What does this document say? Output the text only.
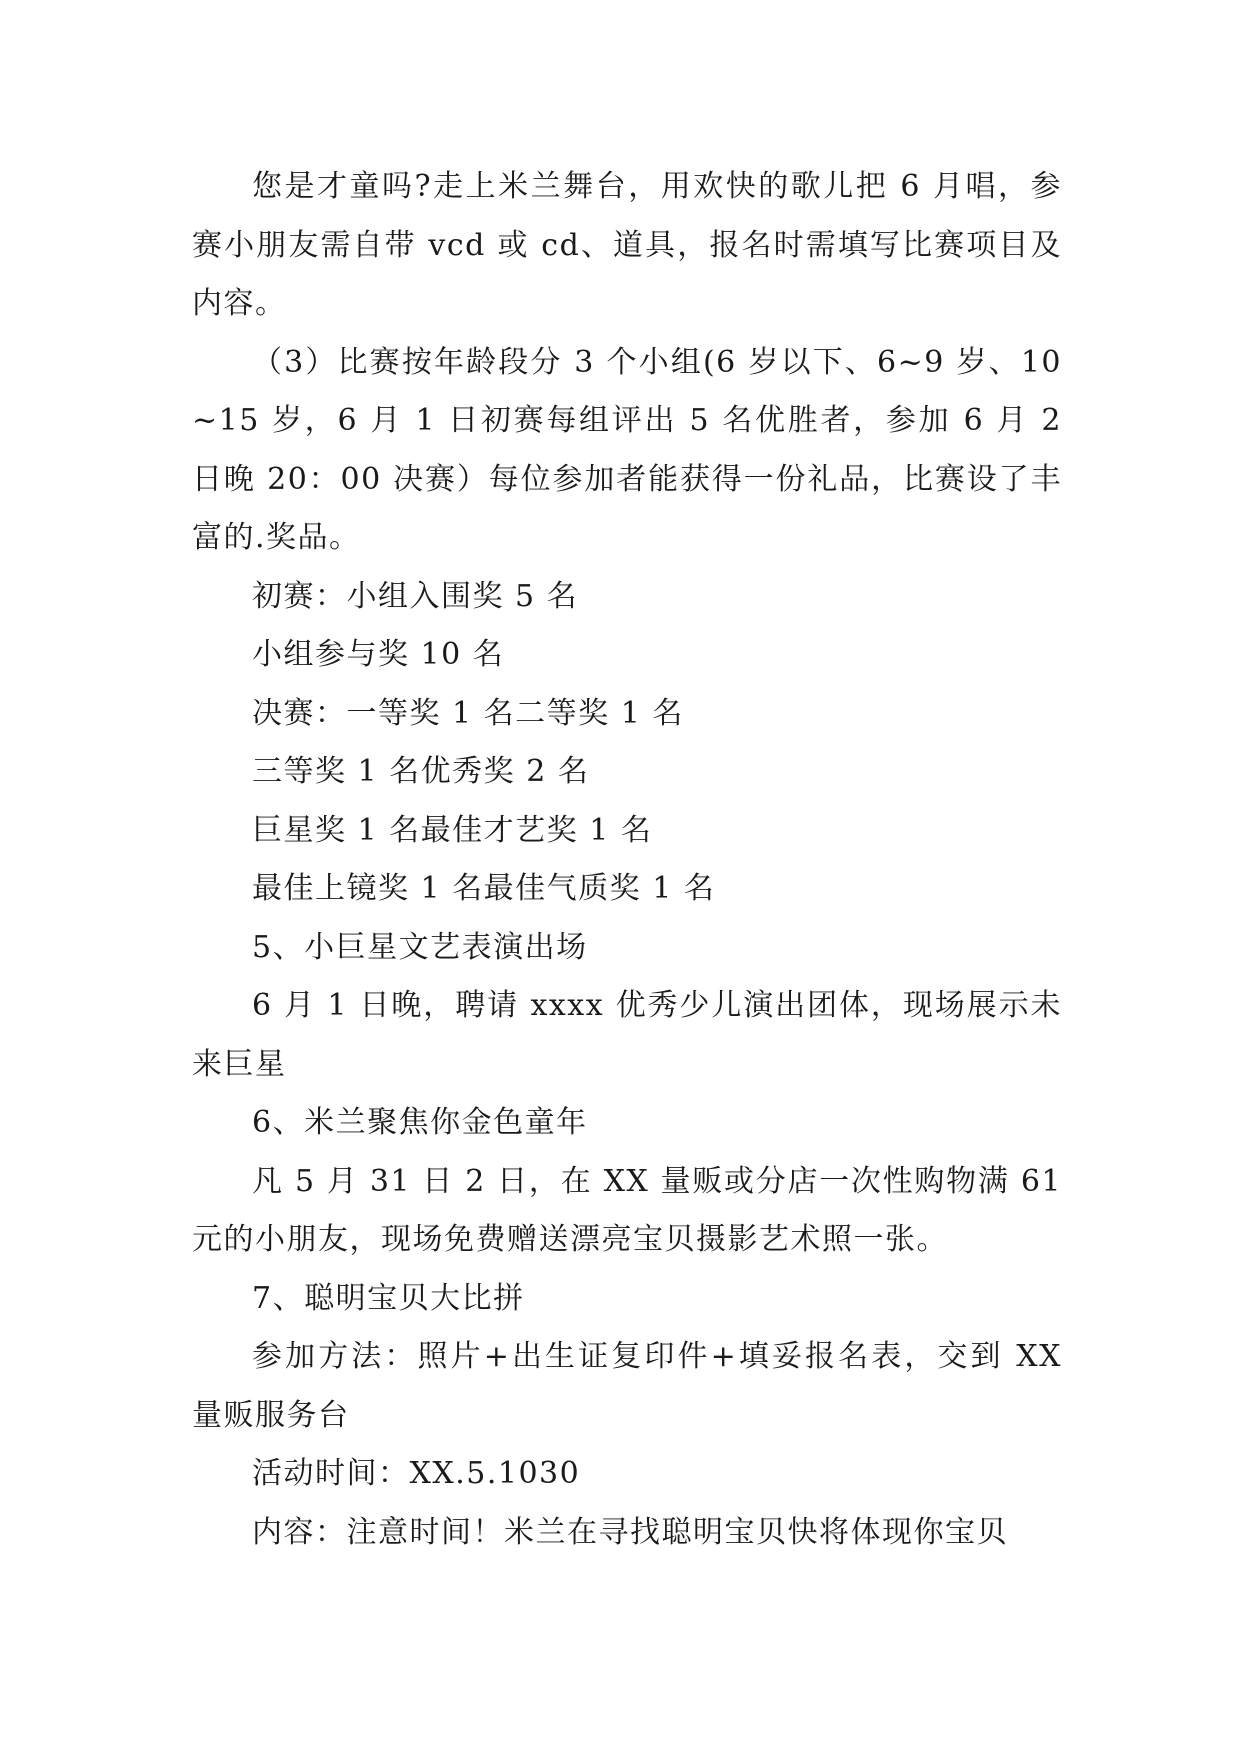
您是才童吗?走上米兰舞台，用欢快的歌儿把 6 月唱，参赛小朋友需自带 vcd 或 cd、道具，报名时需填写比赛项目及内容。

（3）比赛按年龄段分 3 个小组(6 岁以下、6~9 岁、10~15 岁，6 月 1 日初赛每组评出 5 名优胜者，参加 6 月 2 日晚 20：00 决赛）每位参加者能获得一份礼品，比赛设了丰富的.奖品。

初赛：小组入围奖 5 名

小组参与奖 10 名

决赛：一等奖 1 名二等奖 1 名

三等奖 1 名优秀奖 2 名

巨星奖 1 名最佳才艺奖 1 名

最佳上镜奖 1 名最佳气质奖 1 名

5、小巨星文艺表演出场

6 月 1 日晚，聘请 xxxx 优秀少儿演出团体，现场展示未来巨星

6、米兰聚焦你金色童年

凡 5 月 31 日 2 日，在 XX 量贩或分店一次性购物满 61 元的小朋友，现场免费赠送漂亮宝贝摄影艺术照一张。

7、聪明宝贝大比拼

参加方法：照片+出生证复印件+填妥报名表，交到 XX 量贩服务台

活动时间：XX.5.1030

内容：注意时间！米兰在寻找聪明宝贝快将体现你宝贝
